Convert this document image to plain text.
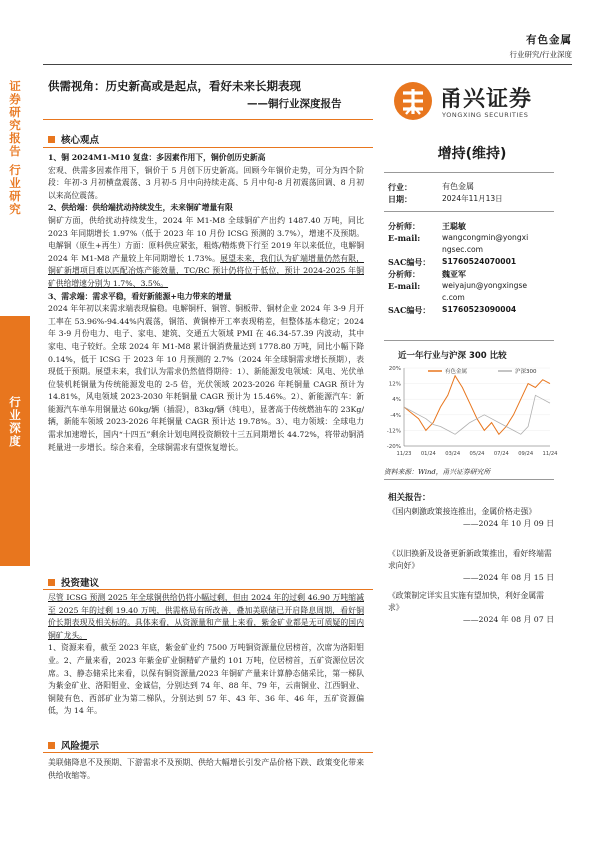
有色金属
行业研究/行业深度
证
券
研
究
报
告
行
业
研
究
行
业
深
度
供需视角：历史新高或是起点，看好未来长期表现
——铜行业深度报告	甬兴证券
YONGXING SECURITIES
核心观点
1、铜 2024M1-M10 复盘：多因素作用下，铜价创历史新高
宏观、供需多因素作用下，铜价于 5 月创下历史新高。回顾今年铜价走势，可分为四个阶段：年初-3 月初横盘震荡、3 月初-5 月中向持续走高、5 月中旬-8 月初震荡回调、8 月初以来高位震荡。
2、供给端：供给端扰动持续发生，未来铜矿增量有限
铜矿方面，供给扰动持续发生，2024 年 M1-M8 全球铜矿产出约 1487.40 万吨，同比 2023 年同期增长 1.97%（低于 2023 年 10 月份 ICSG 预测的 3.7%），增速不及预期。电解铜（原生+再生）方面：原料供应紧张，粗炼/精炼费下行至 2019 年以来低位，电解铜 2024 年 M1-M8 产量较上年同期增长 1.73%。展望未来，我们认为矿端增量仍然有限，铜矿新增项目难以匹配冶炼产能效量，TC/RC 预计仍将位于低位，预计 2024-2025 年铜矿供给增速分别为 1.7%、3.5%。
3、需求端：需求平稳，看好新能源+电力带来的增量
2024 年年初以来需求端表现偏稳。电解铜杆、铜管、铜板带、铜材企业 2024 年 3-9 月开工率在 53.96%-94.44%内震荡，铜箔、黄铜棒开工率表现稍差，但整体基本稳定；2024 年 3-9 月份电力、电子、家电、建筑、交通五大领域 PMI 在 46.34-57.39 内波动，其中家电、电子较好。全球 2024 年 M1-M8 累计铜消费量达到 1778.80 万吨，同比小幅下降 0.14%，低于 ICSG 于 2023 年 10 月预测的 2.7%（2024 年全球铜需求增长预期），表现低于预期。展望未来，我们认为需求仍然值得期待：1）、新能源发电领域：风电、光伏单位装机耗铜量为传统能源发电的 2-5 倍，光伏领域 2023-2026 年耗铜量 CAGR 预计为 14.81%，风电领域 2023-2030 年耗铜量 CAGR 预计为 15.46%。2）、新能源汽车：新能源汽车单车用铜量达 60kg/辆（插混），83kg/辆（纯电），显著高于传统燃油车的 23Kg/辆，新能车领域 2023-2026 年耗铜量 CAGR 预计达 19.78%。3）、电力领域：全球电力需求加速增长，国内“十四五”剩余计划电网投资额较十三五同期增长 44.72%，将带动铜消耗量进一步增长。综合来看，全球铜需求有望恢复增长。
投资建议
尽管 ICSG 预测 2025 年全球铜供给仍将小幅过剩，但由 2024 年的过剩 46.90 万吨缩减至 2025 年的过剩 19.40 万吨，供需格局有所改善，叠加美联储已开启降息周期，看好铜价长期表现及相关标的。具体来看，从资源量和产量上来看，紫金矿业都是无可质疑的国内铜矿龙头。
1、资源来看，截至 2023 年底，紫金矿业约 7500 万吨铜资源量位居榜首，次席为洛阳钼业。2、产量来看，2023 年紫金矿业铜精矿产量约 101 万吨，位居榜首，五矿资源位居次席。3、静态储采比来看，以保有铜资源量/2023 年铜矿产量来计算静态储采比，第一梯队为紫金矿业、洛阳钼业、金诚信，分别达到 74 年、88 年、79 年，云南铜业、江西铜业、铜陵有色、西部矿业为第二梯队，分别达到 57 年、43 年、36 年、46 年，五矿资源偏低，为 14 年。
风险提示
美联储降息不及预期、下游需求不及预期、供给大幅增长引发产品价格下跌、政策变化带来供给收缩等。
增持(维持)
行业：	有色金属
日期：	2024年11月13日
分析师：	王聪敏
E-mail:	wangcongmin@yongxi
ngsec.com
SAC编号：	S1760524070001
分析师：	魏亚军
E-mail:	weiyajun@yongxingse
c.com
SAC编号：	S1760523090004
近一年行业与沪深 300 比较
-20%
-12%
-4%
4%
12%
20%
11/23 01/24 03/24 05/24 07/24 09/24 11/24
有色金属	沪深300
资料来源：Wind，甬兴证券研究所
相关报告：
《国内刺激政策接连推出，金属价格走强》
——2024 年 10 月 09 日
《以旧换新及设备更新新政策推出，看好终端需求向好》
——2024 年 08 月 15 日
《政策制定详实且实施有望加快，利好金属需求》
——2024 年 08 月 07 日
